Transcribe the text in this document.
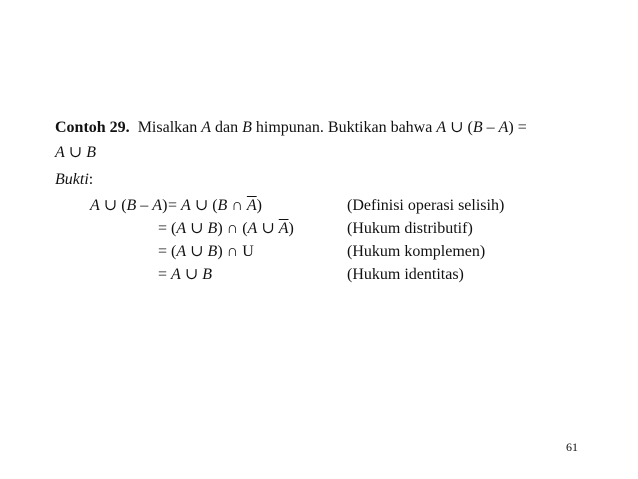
Contoh 29. Misalkan A dan B himpunan. Buktikan bahwa A ∪ (B – A) =
A ∪ B
Bukti:
A ∪ (B – A) = A ∪ (B ∩ $\overline{A}$)	(Definisi operasi selisih)
= (A ∪ B) ∩ (A ∪ $\overline{A}$)	(Hukum distributif)
= (A ∪ B) ∩ U	(Hukum komplemen)
= A ∪ B	(Hukum identitas)
61
